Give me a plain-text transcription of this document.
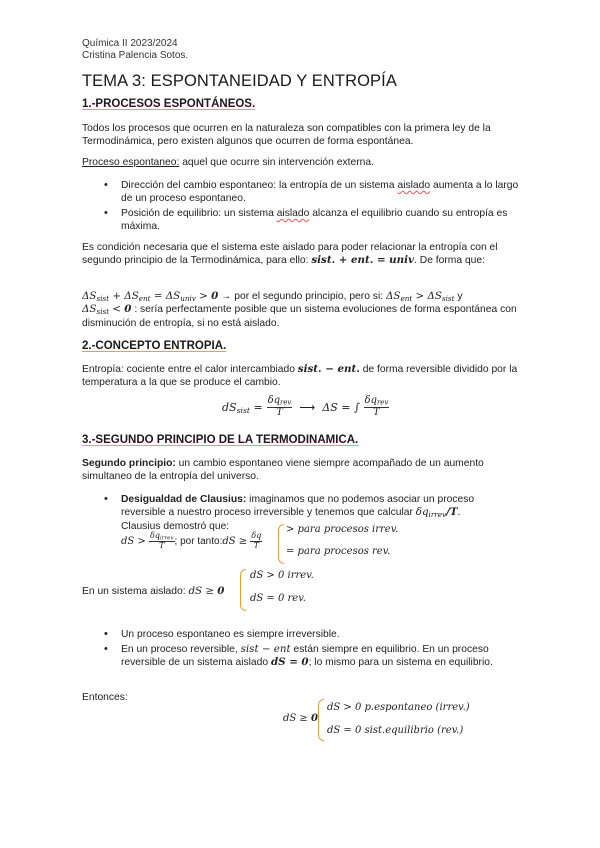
Química II 2023/2024
Cristina Palencia Sotos.
TEMA 3: ESPONTANEIDAD Y ENTROPÍA
1.-PROCESOS ESPONTÁNEOS.
Todos los procesos que ocurren en la naturaleza son compatibles con la primera ley de la Termodinámica, pero existen algunos que ocurren de forma espontánea.
Proceso espontaneo: aquel que ocurre sin intervención externa.
• Dirección del cambio espontaneo: la entropía de un sistema aislado aumenta a lo largo de un proceso espontaneo.
• Posición de equilibrio: un sistema aislado alcanza el equilibrio cuando su entropía es máxima.
Es condición necesaria que el sistema este aislado para poder relacionar la entropía con el segundo principio de la Termodinámica, para ello: sist. + ent. = univ. De forma que:
$\Delta S_{sist} + \Delta S_{ent} = \Delta S_{univ} > 0$ → por el segundo principio, pero si: $\Delta S_{ent} > \Delta S_{sist}$ y
$\Delta S_{sist} < 0$ : sería perfectamente posible que un sistema evoluciones de forma espontánea con disminución de entropía, si no está aislado.
2.-CONCEPTO ENTROPIA.
Entropía: cociente entre el calor intercambiado sist. − ent. de forma reversible dividido por la temperatura a la que se produce el cambio.
$dS_{sist} = \frac{\delta q_{rev}}{T}$ ⟶ ΔS = ∫ $\frac{\delta q_{rev}}{T}$
3.-SEGUNDO PRINCIPIO DE LA TERMODINAMICA.
Segundo principio: un cambio espontaneo viene siempre acompañado de un aumento simultaneo de la entropía del universo.
• Desigualdad de Clausius: imaginamos que no podemos asociar un proceso reversible a nuestro proceso irreversible y tenemos que calcular $\delta q_{irrev}/T$.
Clausius demostró que:
dS > $\frac{\delta q_{irrev}}{T}$ ; por tanto: dS ≥ $\frac{\delta q}{T}$
> para procesos irrev.
= para procesos rev.
En un sistema aislado: dS ≥ 0
dS > 0 irrev.
dS = 0 rev.
• Un proceso espontaneo es siempre irreversible.
• En un proceso reversible, sist − ent están siempre en equilibrio. En un proceso reversible de un sistema aislado dS = 0; lo mismo para un sistema en equilibrio.
Entonces:
dS ≥ 0
dS > 0 p.espontaneo (irrev.)
dS = 0 sist.equilibrio (rev.)
